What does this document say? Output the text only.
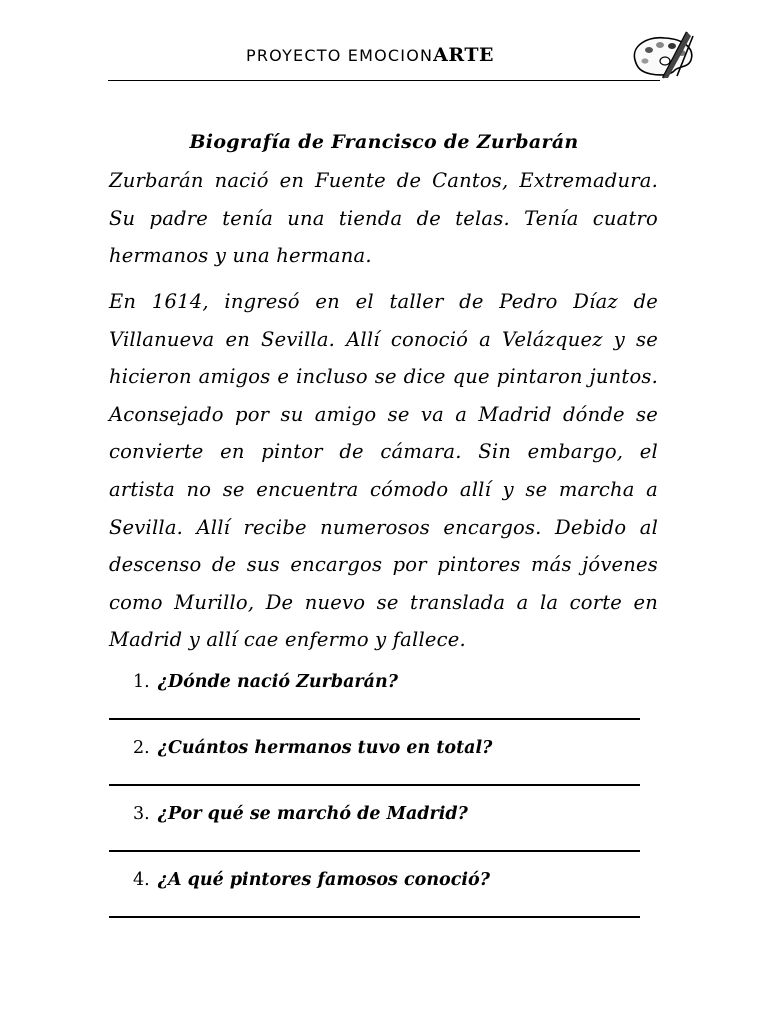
PROYECTO EMOCIONARTE
Biografía de Francisco de Zurbarán
Zurbarán nació en Fuente de Cantos, Extremadura. Su padre tenía una tienda de telas. Tenía cuatro hermanos y una hermana.
En 1614, ingresó en el taller de Pedro Díaz de Villanueva en Sevilla. Allí conoció a Velázquez y se hicieron amigos e incluso se dice que pintaron juntos. Aconsejado por su amigo se va a Madrid dónde se convierte en pintor de cámara. Sin embargo, el artista no se encuentra cómodo allí y se marcha a Sevilla. Allí recibe numerosos encargos. Debido al descenso de sus encargos por pintores más jóvenes como Murillo, De nuevo se translada a la corte en Madrid y allí cae enfermo y fallece.
1. ¿Dónde nació Zurbarán?
2. ¿Cuántos hermanos tuvo en total?
3. ¿Por qué se marchó de Madrid?
4. ¿A qué pintores famosos conoció?
